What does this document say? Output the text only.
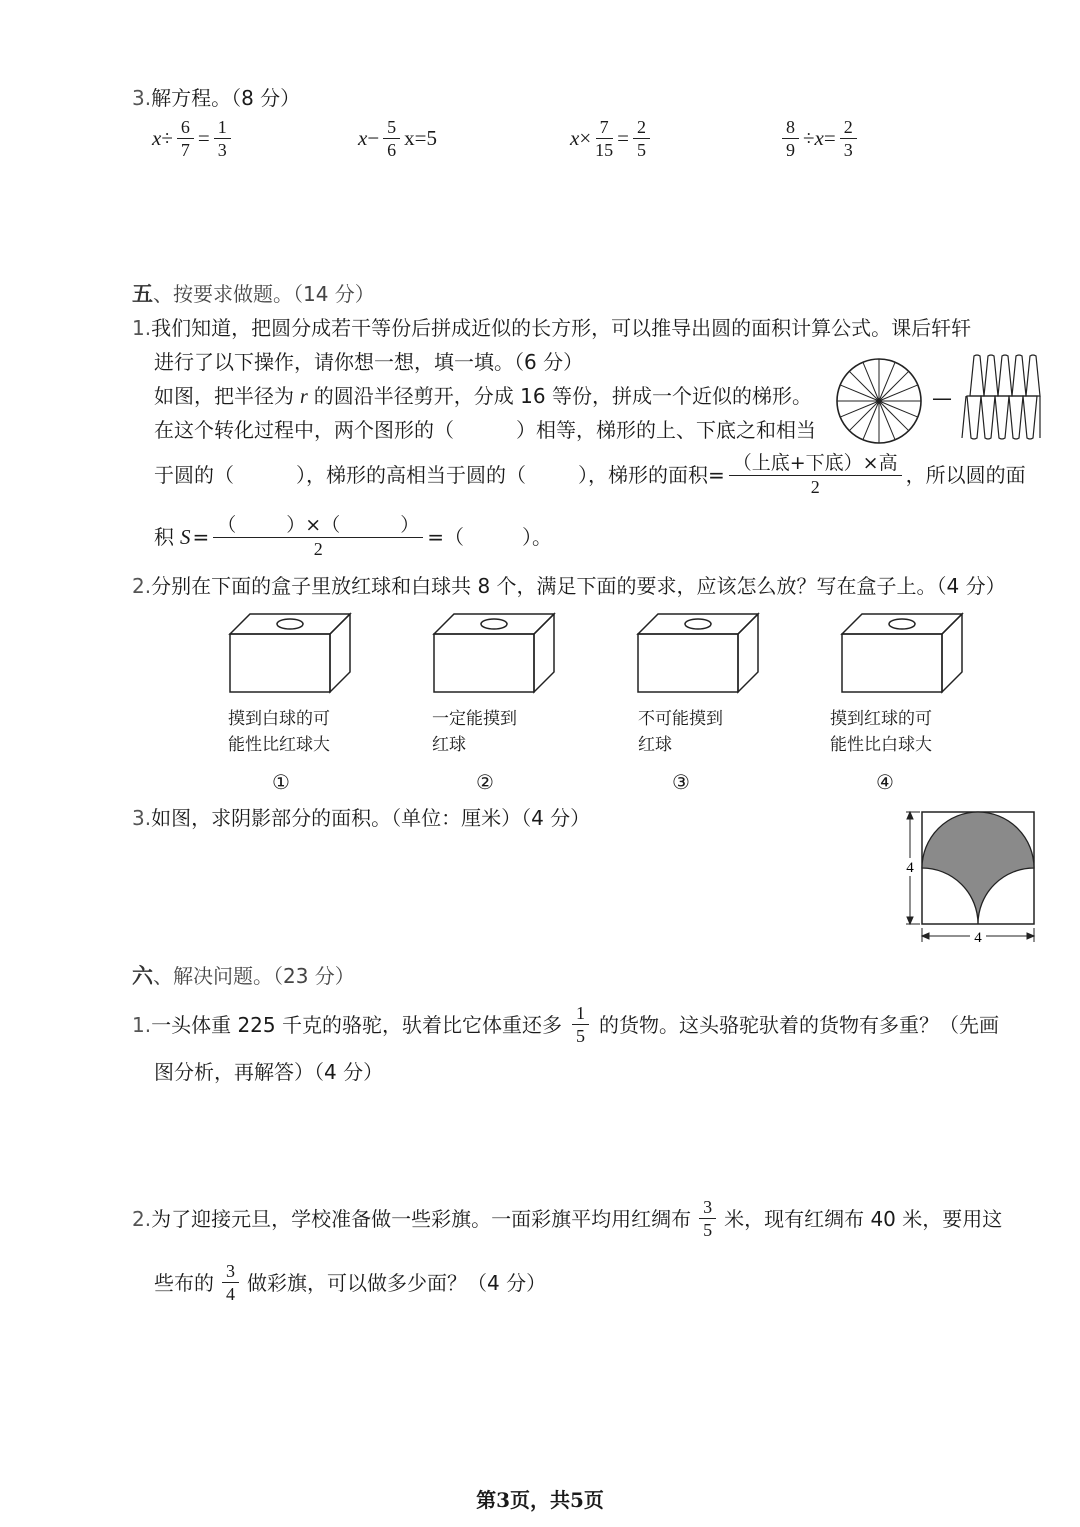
3.解方程。（8 分）
$x \div \frac{6}{7} = \frac{1}{3}$	$x - \frac{5}{6} x=5$	$x \times \frac{7}{15} = \frac{2}{5}$	$\frac{8}{9} \div x = \frac{2}{3}$
五、按要求做题。（14 分）
1.我们知道，把圆分成若干等份后拼成近似的长方形，可以推导出圆的面积计算公式。课后轩轩
进行了以下操作，请你想一想，填一填。（6 分）
如图，把半径为 r 的圆沿半径剪开，分成 16 等份，拼成一个近似的梯形。
在这个转化过程中，两个图形的（	）相等，梯形的上、下底之和相当
—
于圆的（	），梯形的高相当于圆的（	），梯形的面积= $\frac{\text{（上底+下底）×高}}{2}$ ，所以圆的面
积 S = （	）×（	）
2 =（	）。
2.分别在下面的盒子里放红球和白球共 8 个，满足下面的要求，应该怎么放？写在盒子上。（4 分）
摸到白球的可
能性比红球大
一定能摸到
红球
不可能摸到
红球
摸到红球的可
能性比白球大
①	②	③	④
3.如图，求阴影部分的面积。（单位：厘米）（4 分）
4
4
六、解决问题。（23 分）
1. 一头体重 225 千克的骆驼，驮着比它体重还多 $\frac{1}{5}$ 的货物。这头骆驼驮着的货物有多重？（先画
图分析，再解答）（4 分）
2. 为了迎接元旦，学校准备做一些彩旗。一面彩旗平均用红绸布 $\frac{3}{5}$ 米，现有红绸布 40 米，要用这
些布的 $\frac{3}{4}$ 做彩旗，可以做多少面？（4 分）
第3页，共5页
